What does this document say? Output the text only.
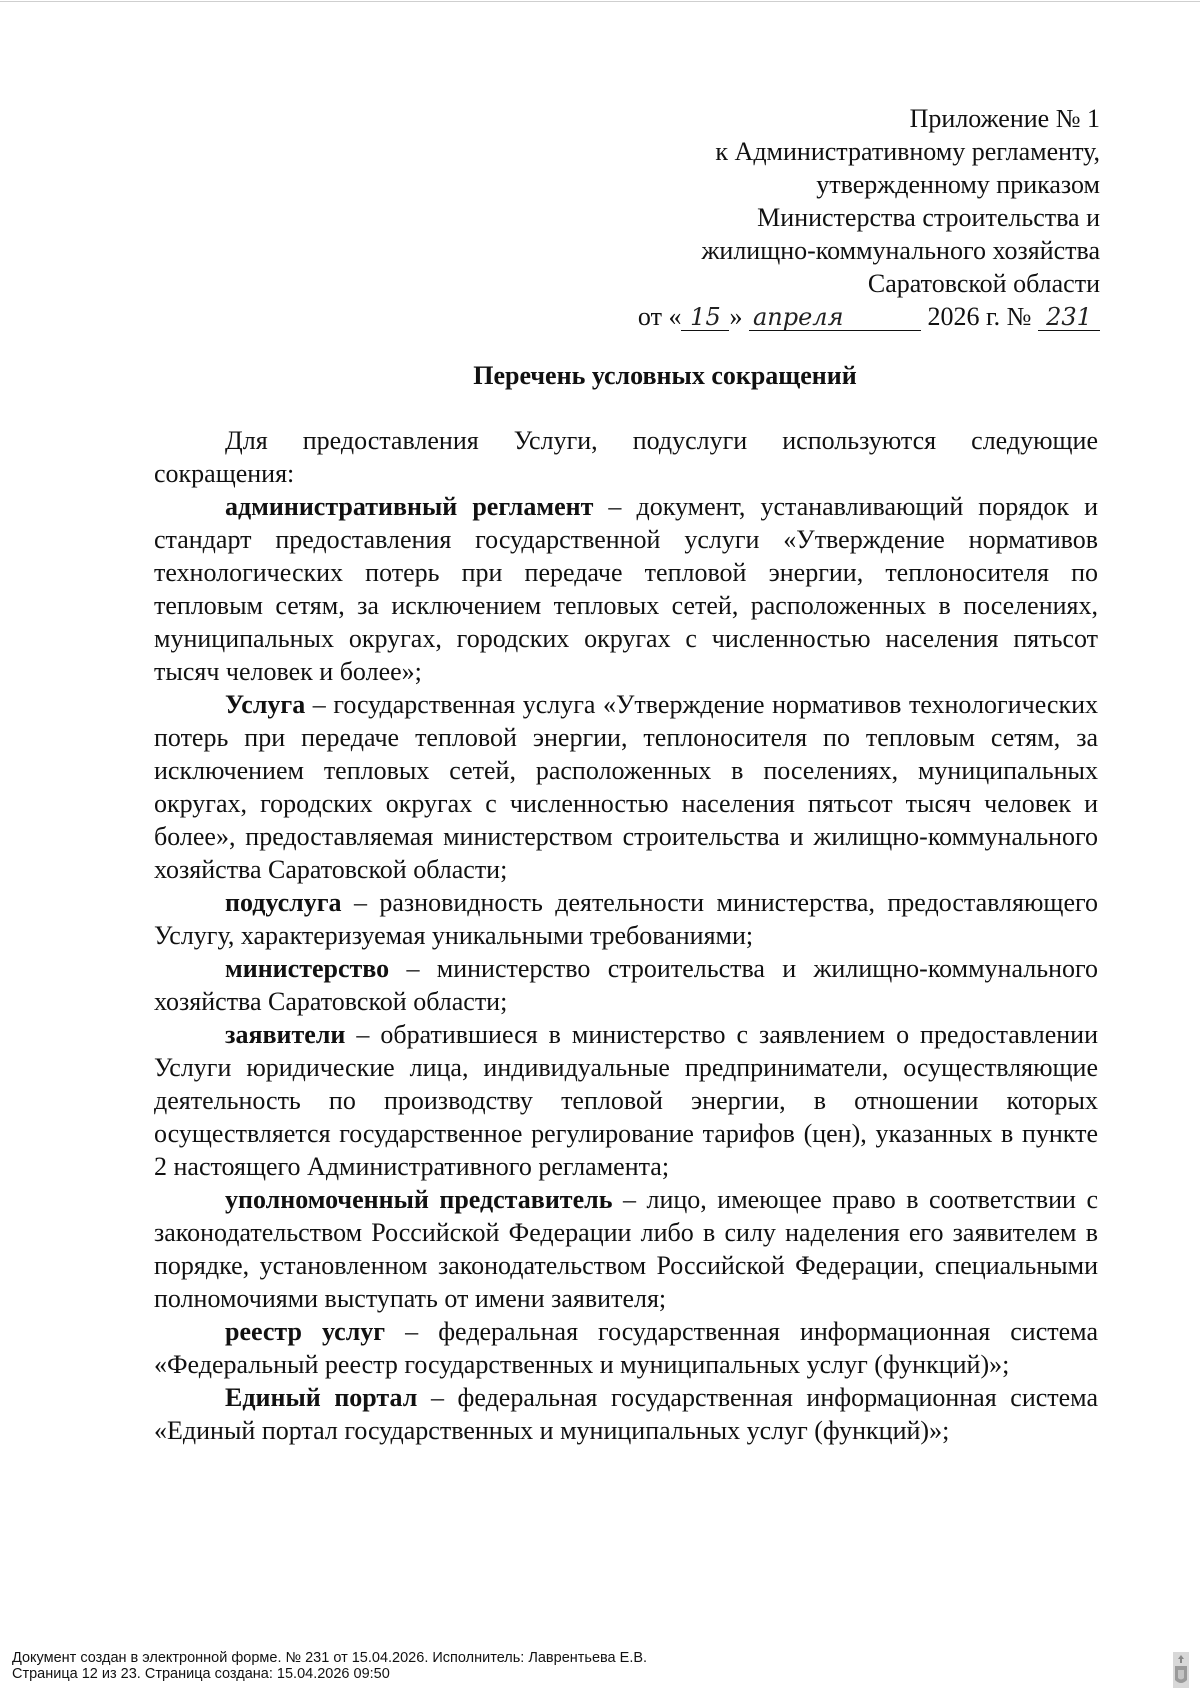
Приложение № 1
к Административному регламенту,
утвержденному приказом
Министерства строительства и
жилищно-коммунального хозяйства
Саратовской области
от « 15 » апреля	2026 г. № 231
Перечень условных сокращений

Для предоставления Услуги, подуслуги используются следующие сокращения:

административный регламент – документ, устанавливающий порядок и стандарт предоставления государственной услуги «Утверждение нормативов технологических потерь при передаче тепловой энергии, теплоносителя по тепловым сетям, за исключением тепловых сетей, расположенных в поселениях, муниципальных округах, городских округах с численностью населения пятьсот тысяч человек и более»;

Услуга – государственная услуга «Утверждение нормативов технологических потерь при передаче тепловой энергии, теплоносителя по тепловым сетям, за исключением тепловых сетей, расположенных в поселениях, муниципальных округах, городских округах с численностью населения пятьсот тысяч человек и более», предоставляемая министерством строительства и жилищно-коммунального хозяйства Саратовской области;

подуслуга – разновидность деятельности министерства, предоставляющего Услугу, характеризуемая уникальными требованиями;

министерство – министерство строительства и жилищно-коммунального хозяйства Саратовской области;

заявители – обратившиеся в министерство с заявлением о предоставлении Услуги юридические лица, индивидуальные предприниматели, осуществляющие деятельность по производству тепловой энергии, в отношении которых осуществляется государственное регулирование тарифов (цен), указанных в пункте 2 настоящего Административного регламента;

уполномоченный представитель – лицо, имеющее право в соответствии с законодательством Российской Федерации либо в силу наделения его заявителем в порядке, установленном законодательством Российской Федерации, специальными полномочиями выступать от имени заявителя;

реестр услуг – федеральная государственная информационная система «Федеральный реестр государственных и муниципальных услуг (функций)»;

Единый портал – федеральная государственная информационная система «Единый портал государственных и муниципальных услуг (функций)»;

Документ создан в электронной форме. № 231 от 15.04.2026. Исполнитель: Лаврентьева Е.В.
Страница 12 из 23. Страница создана: 15.04.2026 09:50
